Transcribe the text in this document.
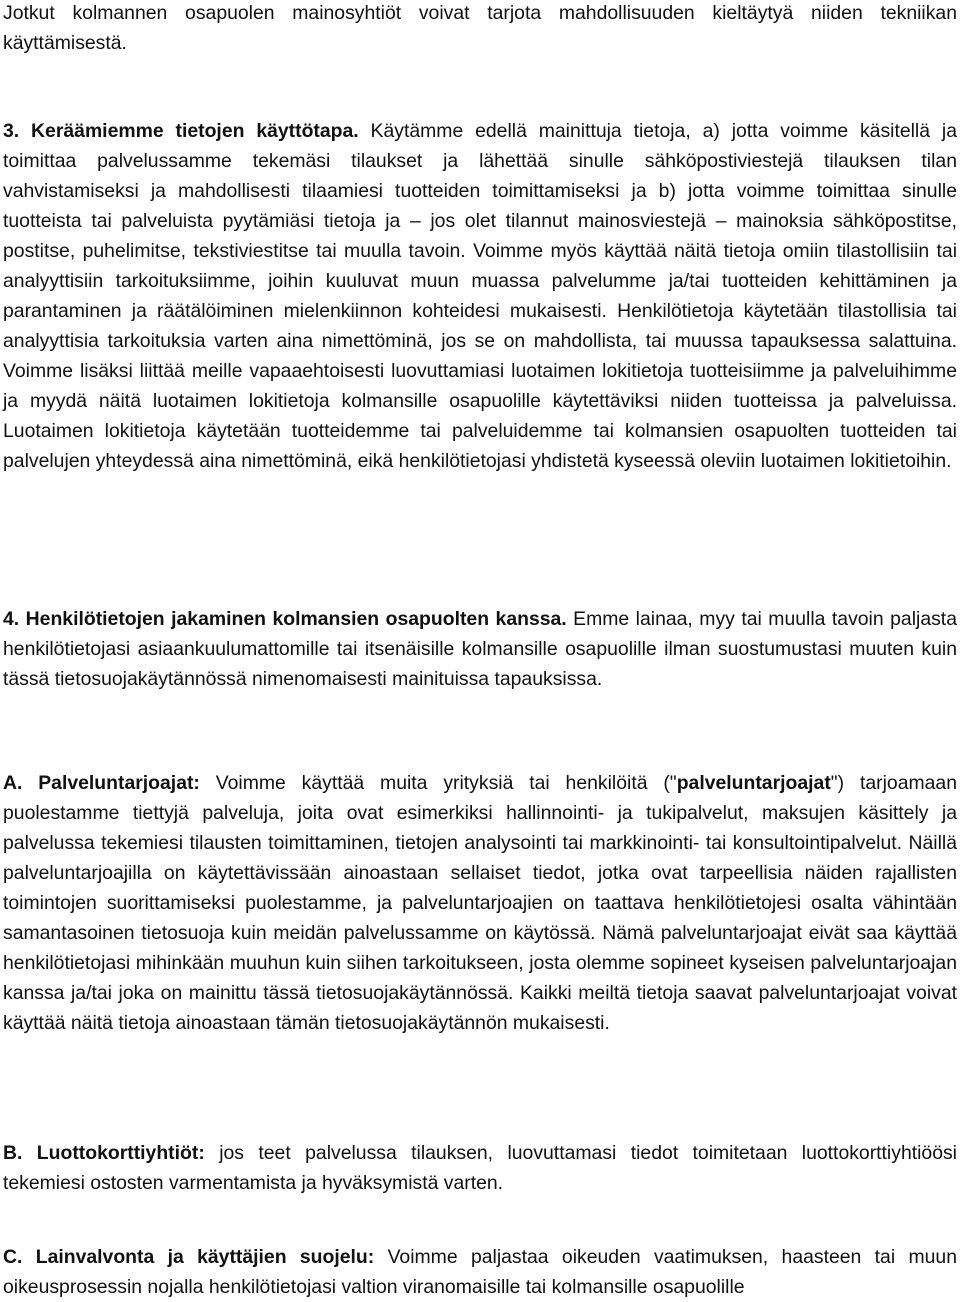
Jotkut kolmannen osapuolen mainosyhtiöt voivat tarjota mahdollisuuden kieltäytyä niiden tekniikan käyttämisestä.

3. Keräämiemme tietojen käyttötapa. Käytämme edellä mainittuja tietoja, a) jotta voimme käsitellä ja toimittaa palvelussamme tekemäsi tilaukset ja lähettää sinulle sähköpostiviestejä tilauksen tilan vahvistamiseksi ja mahdollisesti tilaamiesi tuotteiden toimittamiseksi ja b) jotta voimme toimittaa sinulle tuotteista tai palveluista pyytämiäsi tietoja ja – jos olet tilannut mainosviestejä – mainoksia sähköpostitse, postitse, puhelimitse, tekstiviestitse tai muulla tavoin. Voimme myös käyttää näitä tietoja omiin tilastollisiin tai analyyttisiin tarkoituksiimme, joihin kuuluvat muun muassa palvelumme ja/tai tuotteiden kehittäminen ja parantaminen ja räätälöiminen mielenkiinnon kohteidesi mukaisesti. Henkilötietoja käytetään tilastollisia tai analyyttisia tarkoituksia varten aina nimettöminä, jos se on mahdollista, tai muussa tapauksessa salattuina. Voimme lisäksi liittää meille vapaaehtoisesti luovuttamiasi luotaimen lokitietoja tuotteisiimme ja palveluihimme ja myydä näitä luotaimen lokitietoja kolmansille osapuolille käytettäviksi niiden tuotteissa ja palveluissa. Luotaimen lokitietoja käytetään tuotteidemme tai palveluidemme tai kolmansien osapuolten tuotteiden tai palvelujen yhteydessä aina nimettöminä, eikä henkilötietojasi yhdistetä kyseessä oleviin luotaimen lokitietoihin.

4. Henkilötietojen jakaminen kolmansien osapuolten kanssa. Emme lainaa, myy tai muulla tavoin paljasta henkilötietojasi asiaankuulumattomille tai itsenäisille kolmansille osapuolille ilman suostumustasi muuten kuin tässä tietosuojakäytännössä nimenomaisesti mainituissa tapauksissa.

A. Palveluntarjoajat: Voimme käyttää muita yrityksiä tai henkilöitä ("palveluntarjoajat") tarjoamaan puolestamme tiettyjä palveluja, joita ovat esimerkiksi hallinnointi- ja tukipalvelut, maksujen käsittely ja palvelussa tekemiesi tilausten toimittaminen, tietojen analysointi tai markkinointi- tai konsultointipalvelut. Näillä palveluntarjoajilla on käytettävissään ainoastaan sellaiset tiedot, jotka ovat tarpeellisia näiden rajallisten toimintojen suorittamiseksi puolestamme, ja palveluntarjoajien on taattava henkilötietojesi osalta vähintään samantasoinen tietosuoja kuin meidän palvelussamme on käytössä. Nämä palveluntarjoajat eivät saa käyttää henkilötietojasi mihinkään muuhun kuin siihen tarkoitukseen, josta olemme sopineet kyseisen palveluntarjoajan kanssa ja/tai joka on mainittu tässä tietosuojakäytännössä. Kaikki meiltä tietoja saavat palveluntarjoajat voivat käyttää näitä tietoja ainoastaan tämän tietosuojakäytännön mukaisesti.

B. Luottokorttiyhtiöt: jos teet palvelussa tilauksen, luovuttamasi tiedot toimitetaan luottokorttiyhtiöösi tekemiesi ostosten varmentamista ja hyväksymistä varten.

C. Lainvalvonta ja käyttäjien suojelu: Voimme paljastaa oikeuden vaatimuksen, haasteen tai muun oikeusprosessin nojalla henkilötietojasi valtion viranomaisille tai kolmansille osapuolille
